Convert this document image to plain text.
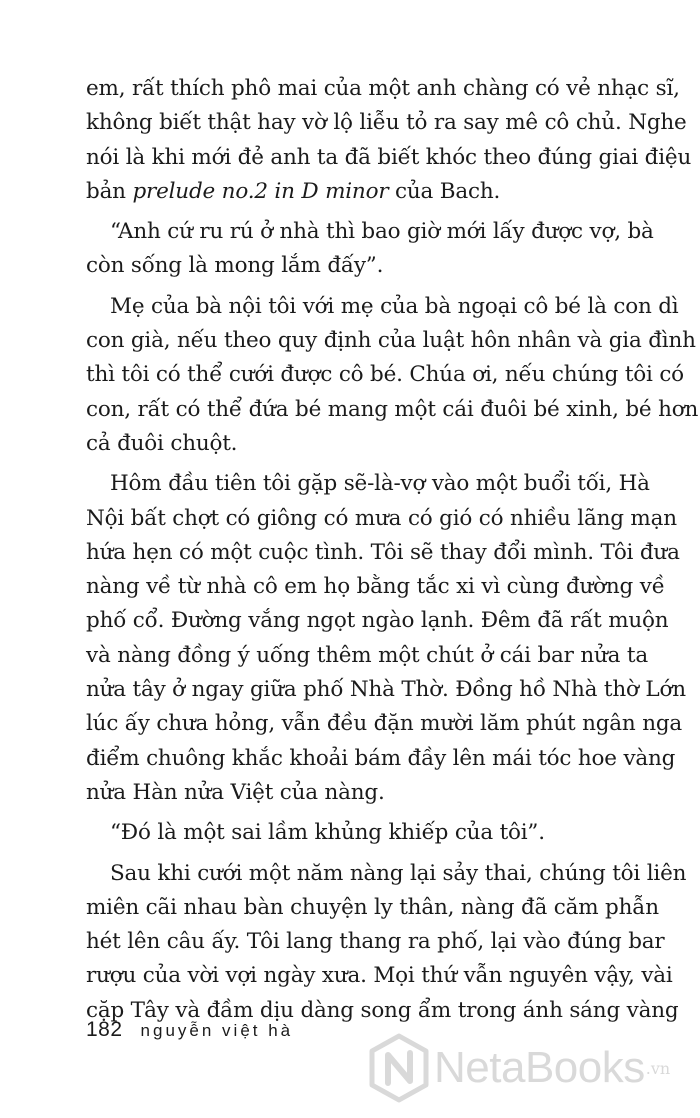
em, rất thích phô mai của một anh chàng có vẻ nhạc sĩ,
không biết thật hay vờ lộ liễu tỏ ra say mê cô chủ. Nghe
nói là khi mới đẻ anh ta đã biết khóc theo đúng giai điệu
bản prelude no.2 in D minor của Bach.
“Anh cứ ru rú ở nhà thì bao giờ mới lấy được vợ, bà
còn sống là mong lắm đấy”.
Mẹ của bà nội tôi với mẹ của bà ngoại cô bé là con dì
con già, nếu theo quy định của luật hôn nhân và gia đình
thì tôi có thể cưới được cô bé. Chúa ơi, nếu chúng tôi có
con, rất có thể đứa bé mang một cái đuôi bé xinh, bé hơn
cả đuôi chuột.
Hôm đầu tiên tôi gặp sẽ-là-vợ vào một buổi tối, Hà
Nội bất chợt có giông có mưa có gió có nhiều lãng mạn
hứa hẹn có một cuộc tình. Tôi sẽ thay đổi mình. Tôi đưa
nàng về từ nhà cô em họ bằng tắc xi vì cùng đường về
phố cổ. Đường vắng ngọt ngào lạnh. Đêm đã rất muộn
và nàng đồng ý uống thêm một chút ở cái bar nửa ta
nửa tây ở ngay giữa phố Nhà Thờ. Đồng hồ Nhà thờ Lớn
lúc ấy chưa hỏng, vẫn đều đặn mười lăm phút ngân nga
điểm chuông khắc khoải bám đầy lên mái tóc hoe vàng
nửa Hàn nửa Việt của nàng.
“Đó là một sai lầm khủng khiếp của tôi”.
Sau khi cưới một năm nàng lại sảy thai, chúng tôi liên
miên cãi nhau bàn chuyện ly thân, nàng đã căm phẫn
hét lên câu ấy. Tôi lang thang ra phố, lại vào đúng bar
rượu của vời vợi ngày xưa. Mọi thứ vẫn nguyên vậy, vài
cặp Tây và đầm dịu dàng song ẩm trong ánh sáng vàng
182 nguyễn việt hà
NetaBooks .vn
